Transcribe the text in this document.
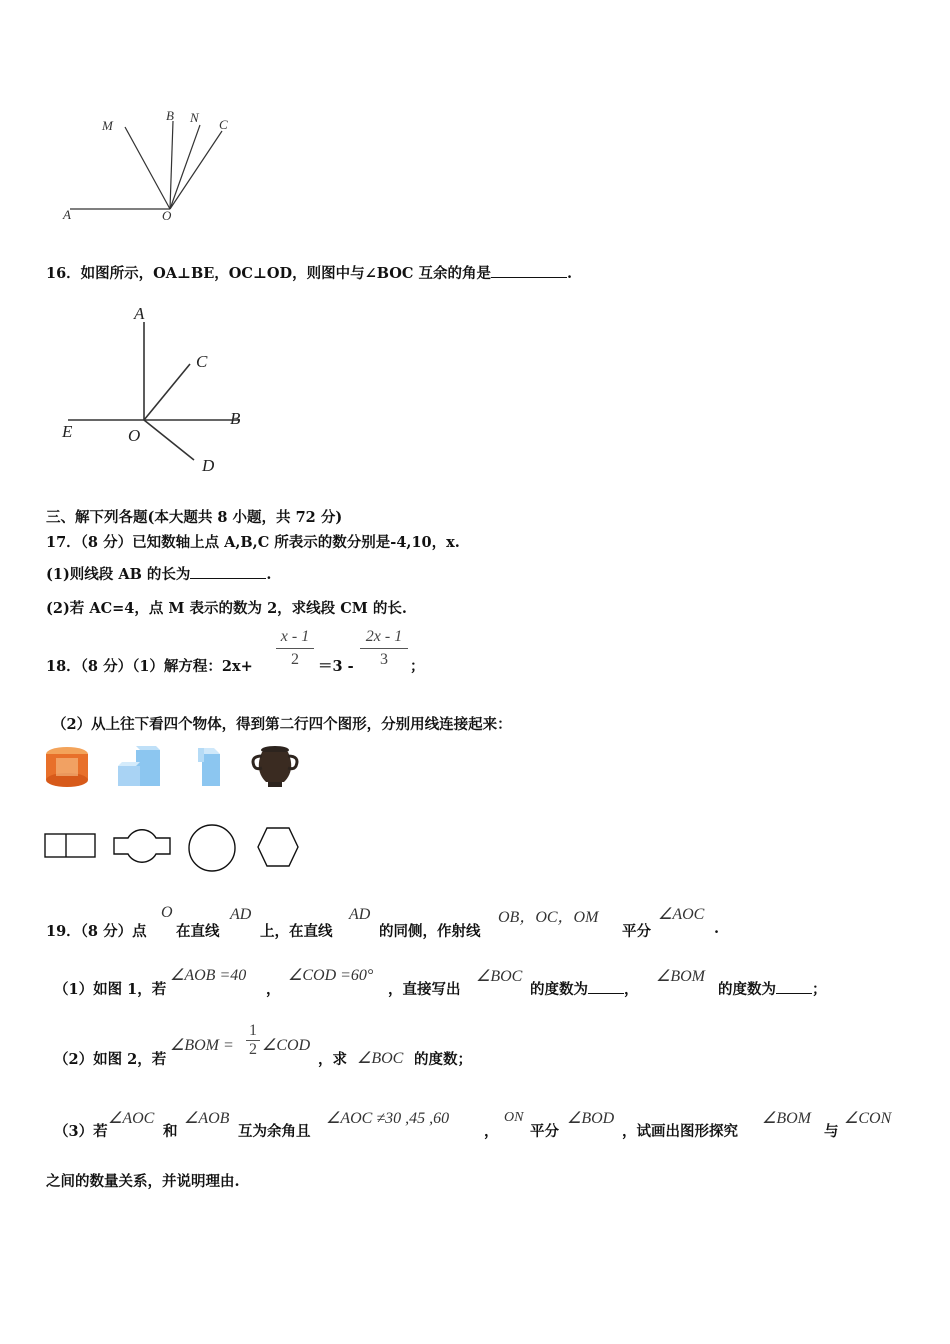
M
B N C
A	O
16．如图所示，OA⊥BE，OC⊥OD，则图中与∠BOC 互余的角是	.
A
C
E	O
B
D
三、解下列各题(本大题共 8 小题，共 72 分)
17．（8 分）已知数轴上点 A,B,C 所表示的数分别是-4,10，x.
(1)则线段 AB 的长为	.
(2)若 AC=4，点 M 表示的数为 2，求线段 CM 的长.
18．（8 分）（1）解方程：2x+
x - 1
2	＝3 -
2x - 1
3	；
（2）从上往下看四个物体，得到第二行四个图形，分别用线连接起来：
19．（8 分）点
O
在直线
AD
上，在直线
AD
的同侧，作射线
OB，OC，OM
平分
∠AOC
.
（1）如图 1，若
∠AOB =40
，
∠COD =60°
，直接写出
∠BOC
的度数为 ，
∠BOM
的度数为 ；
（2）如图 2，若
∠BOM =
1
2 ∠COD
，求 ∠BOC 的度数；
（3）若
∠AOC
和
∠AOB
互为余角且
∠AOC ≠30 ,45 ,60
，
ON
平分
∠BOD
，试画出图形探究
∠BOM
与
∠CON
之间的数量关系，并说明理由.
